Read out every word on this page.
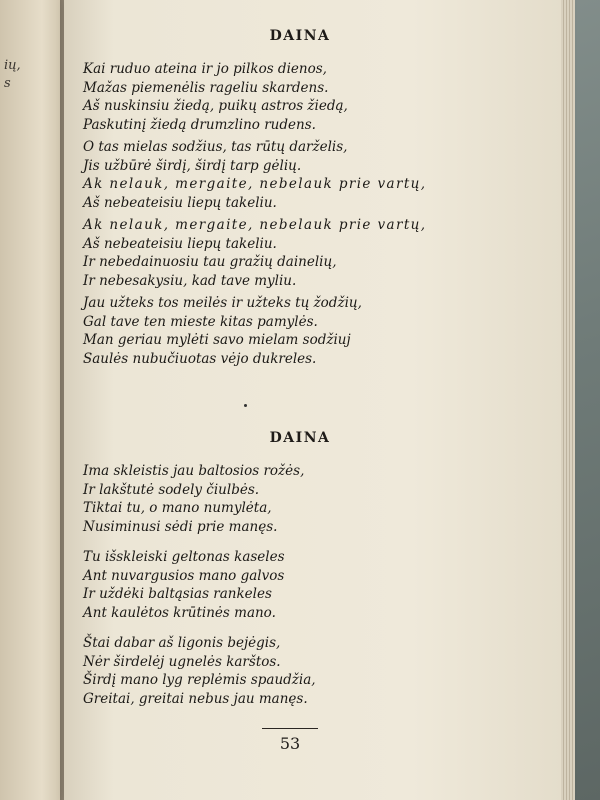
ių,
s
DAINA
Kai ruduo ateina ir jo pilkos dienos,
Mažas piemenėlis rageliu skardens.
Aš nuskinsiu žiedą, puikų astros žiedą,
Paskutinį žiedą drumzlino rudens.
O tas mielas sodžius, tas rūtų darželis,
Jis užbūrė širdį, širdį tarp gėlių.
Ak nelauk, mergaite, nebelauk prie vartų,
Aš nebeateisiu liepų takeliu.
Ak nelauk, mergaite, nebelauk prie vartų,
Aš nebeateisiu liepų takeliu.
Ir nebedainuosiu tau gražių dainelių,
Ir nebesakysiu, kad tave myliu.
Jau užteks tos meilės ir užteks tų žodžių,
Gal tave ten mieste kitas pamylės.
Man geriau mylėti savo mielam sodžiuj
Saulės nubučiuotas vėjo dukreles.
DAINA
Ima skleistis jau baltosios rožės,
Ir lakštutė sodely čiulbės.
Tiktai tu, o mano numylėta,
Nusiminusi sėdi prie manęs.
Tu išskleiski geltonas kaseles
Ant nuvargusios mano galvos
Ir uždėki baltąsias rankeles
Ant kaulėtos krūtinės mano.
Štai dabar aš ligonis bejėgis,
Nėr širdelėj ugnelės karštos.
Širdį mano lyg replėmis spaudžia,
Greitai, greitai nebus jau manęs.
53
